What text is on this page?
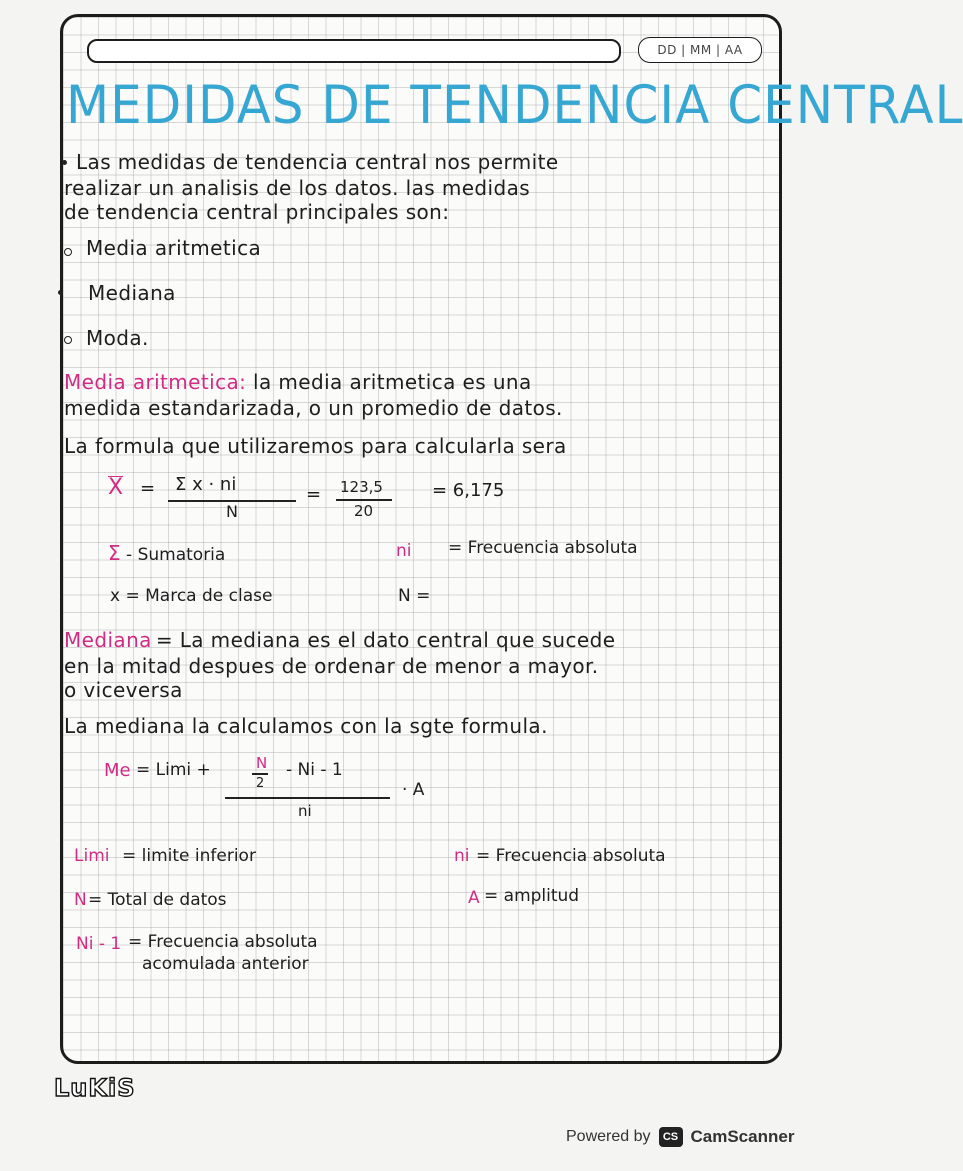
DD | MM | AA
MEDIDAS DE TENDENCIA CENTRAL
Las medidas de tendencia central nos permite
realizar un analisis de los datos. las medidas
de tendencia central principales son:
Media aritmetica
Mediana
Moda.
Media aritmetica: la media aritmetica es una
medida estandarizada, o un promedio de datos.
La formula que utilizaremos para calcularla sera
X = Σ x · ni
N
= 123,5
20
= 6,175
Σ - Sumatoria	ni = Frecuencia absoluta
x = Marca de clase	N =
Mediana = La mediana es el dato central que sucede
en la mitad despues de ordenar de menor a mayor.
o viceversa
La mediana la calculamos con la sgte formula.
Me = Limi +	N
2
- Ni - 1
ni
· A
Limi = limite inferior	ni = Frecuencia absoluta
N = Total de datos	A = amplitud
Ni - 1 = Frecuencia absoluta
acomulada anterior
LuKiS
Powered by	CS CamScanner
